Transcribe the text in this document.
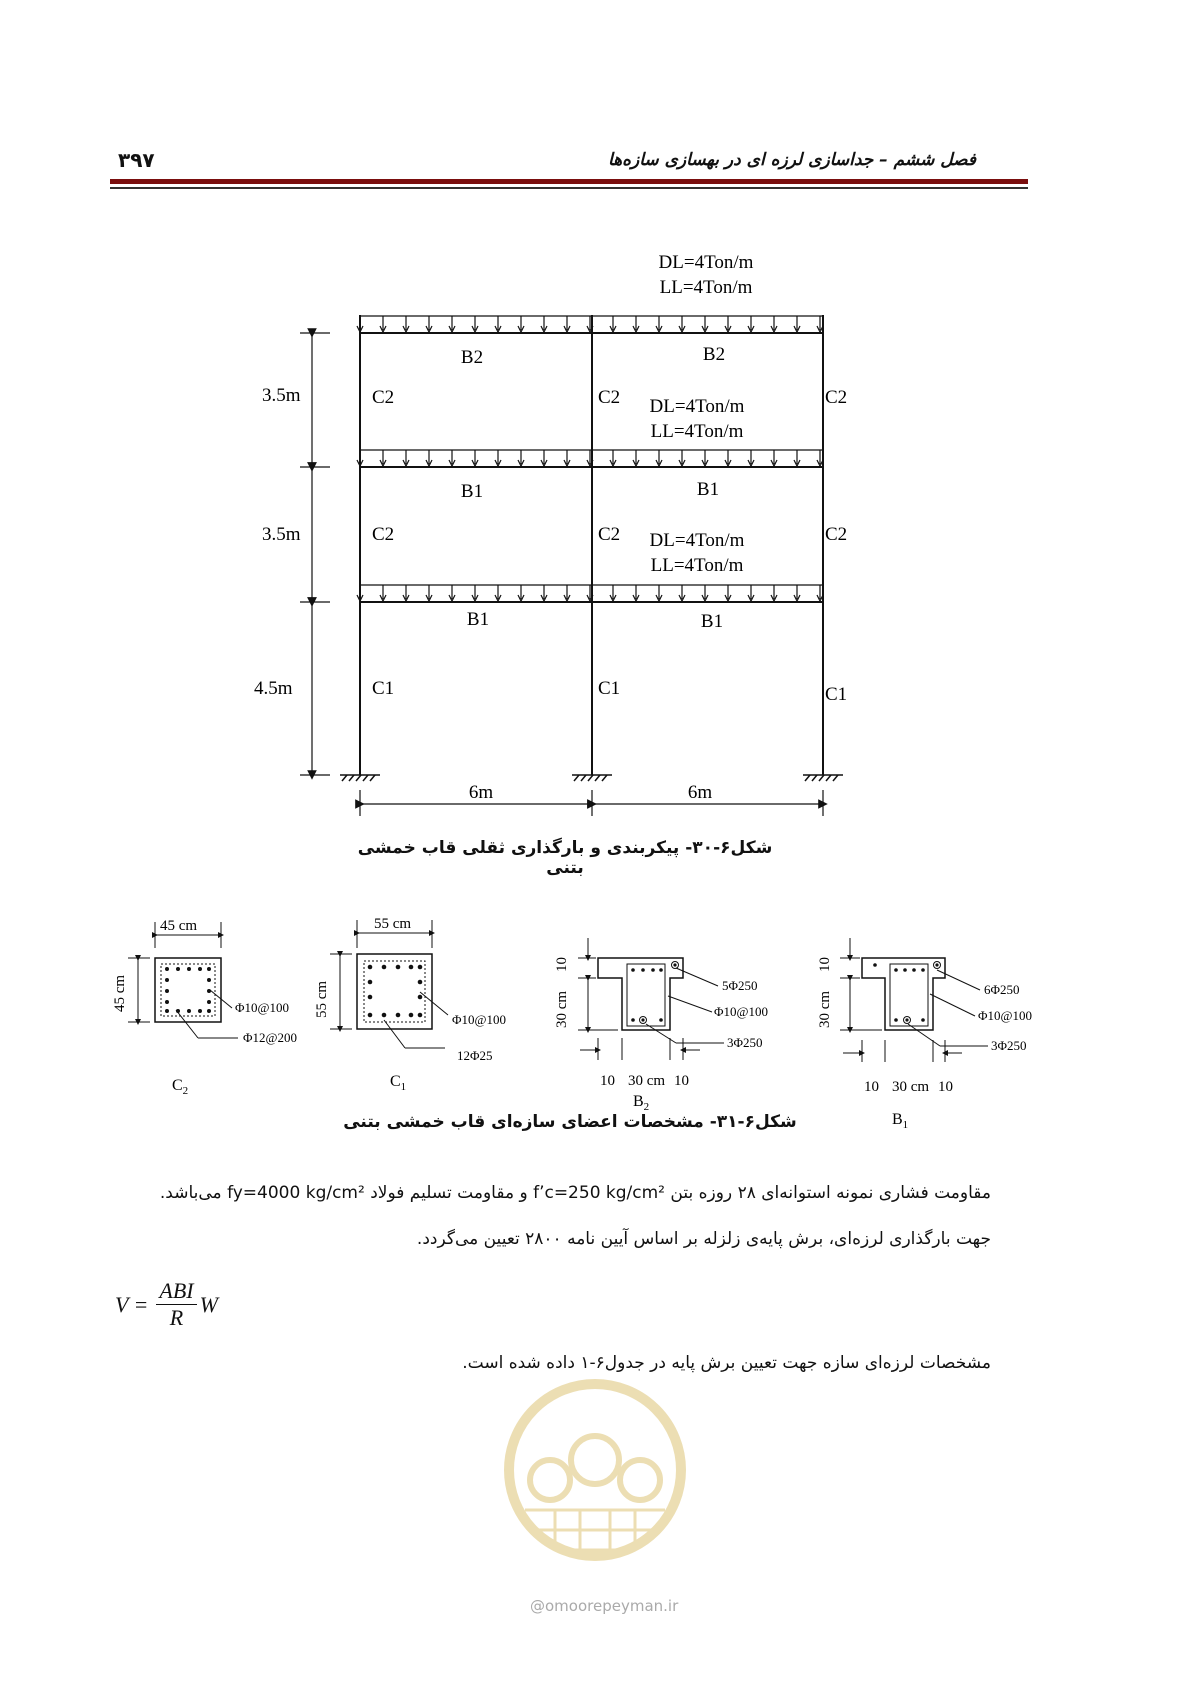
فصل ششم – جداسازی لرزه ای در بهسازی سازه‌ها
۳۹۷
DL=4Ton/m
LL=4Ton/m
DL=4Ton/m
LL=4Ton/m
DL=4Ton/m
LL=4Ton/m
B2	B2
B1	B1
B1	B1
C2	C2	C2
C2	C2	C2
C1	C1	C1
3.5m
3.5m
4.5m
6m	6m
شکل۶-۳۰- پیکربندی و بارگذاری ثقلی قاب خمشی بتنی
45 cm
45 cm	Φ10@100
Φ12@200
$C_2$
55 cm
55 cm
Φ10@100
12Φ25
$C_1$
10
30 cm
5Φ250
Φ10@100
3Φ250
10 30 cm 10
$B_2$
10
30 cm
6Φ250
Φ10@100
3Φ250
10 30 cm 10
$B_1$
شکل۶-۳۱- مشخصات اعضای سازه‌ای قاب خمشی بتنی
مقاومت فشاری نمونه استوانه‌ای ۲۸ روزه بتن f’c=250 kg/cm² و مقاومت تسلیم فولاد fy=4000 kg/cm² می‌باشد.
جهت بارگذاری لرزه‌ای، برش پایه‌ی زلزله بر اساس آیین نامه ۲۸۰۰ تعیین می‌گردد.
V =
ABI
R
W
مشخصات لرزه‌ای سازه جهت تعیین برش پایه در جدول۶-۱ داده شده است.
@omoorepeyman.ir
